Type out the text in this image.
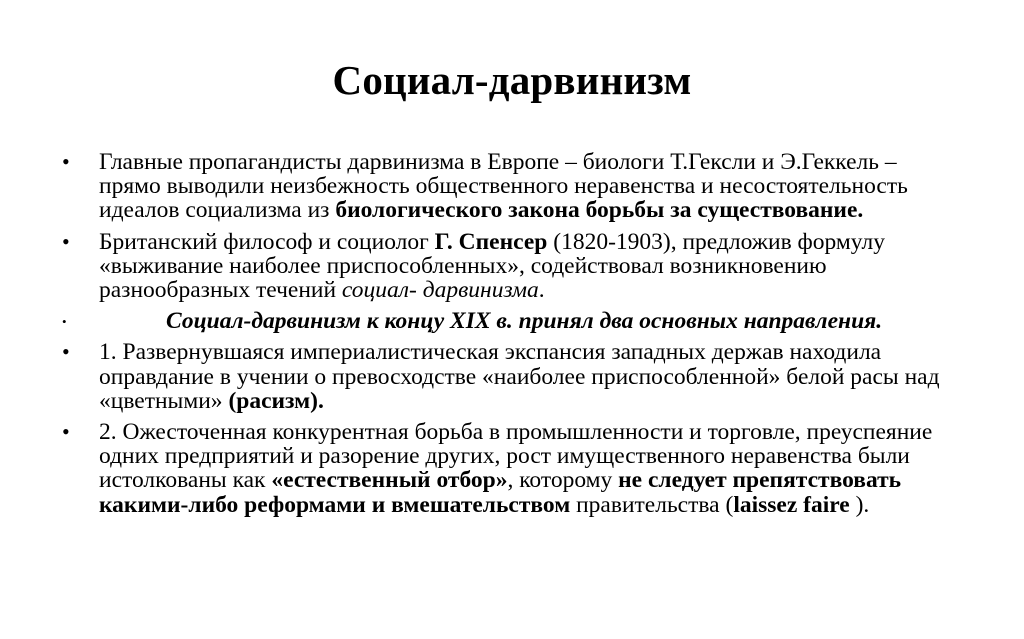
Социал-дарвинизм
•	Главные пропагандисты дарвинизма в Европе – биологи Т.Гексли и Э.Геккель – прямо выводили неизбежность общественного неравенства и несостоятельность идеалов социализма из биологического закона борьбы за существование.
•	Британский философ и социолог Г. Спенсер (1820-1903), предложив формулу «выживание наиболее приспособленных», содействовал возникновению разнообразных течений социал- дарвинизма.
•	Социал-дарвинизм к концу XIX в. принял два основных направления.
•	1. Развернувшаяся империалистическая экспансия западных держав находила оправдание в учении о превосходстве «наиболее приспособленной» белой расы над «цветными» (расизм).
•	2. Ожесточенная конкурентная борьба в промышленности и торговле, преуспеяние одних предприятий и разорение других, рост имущественного неравенства были истолкованы как «естественный отбор», которому не следует препятствовать какими-либо реформами и вмешательством правительства (laissez faire ).
